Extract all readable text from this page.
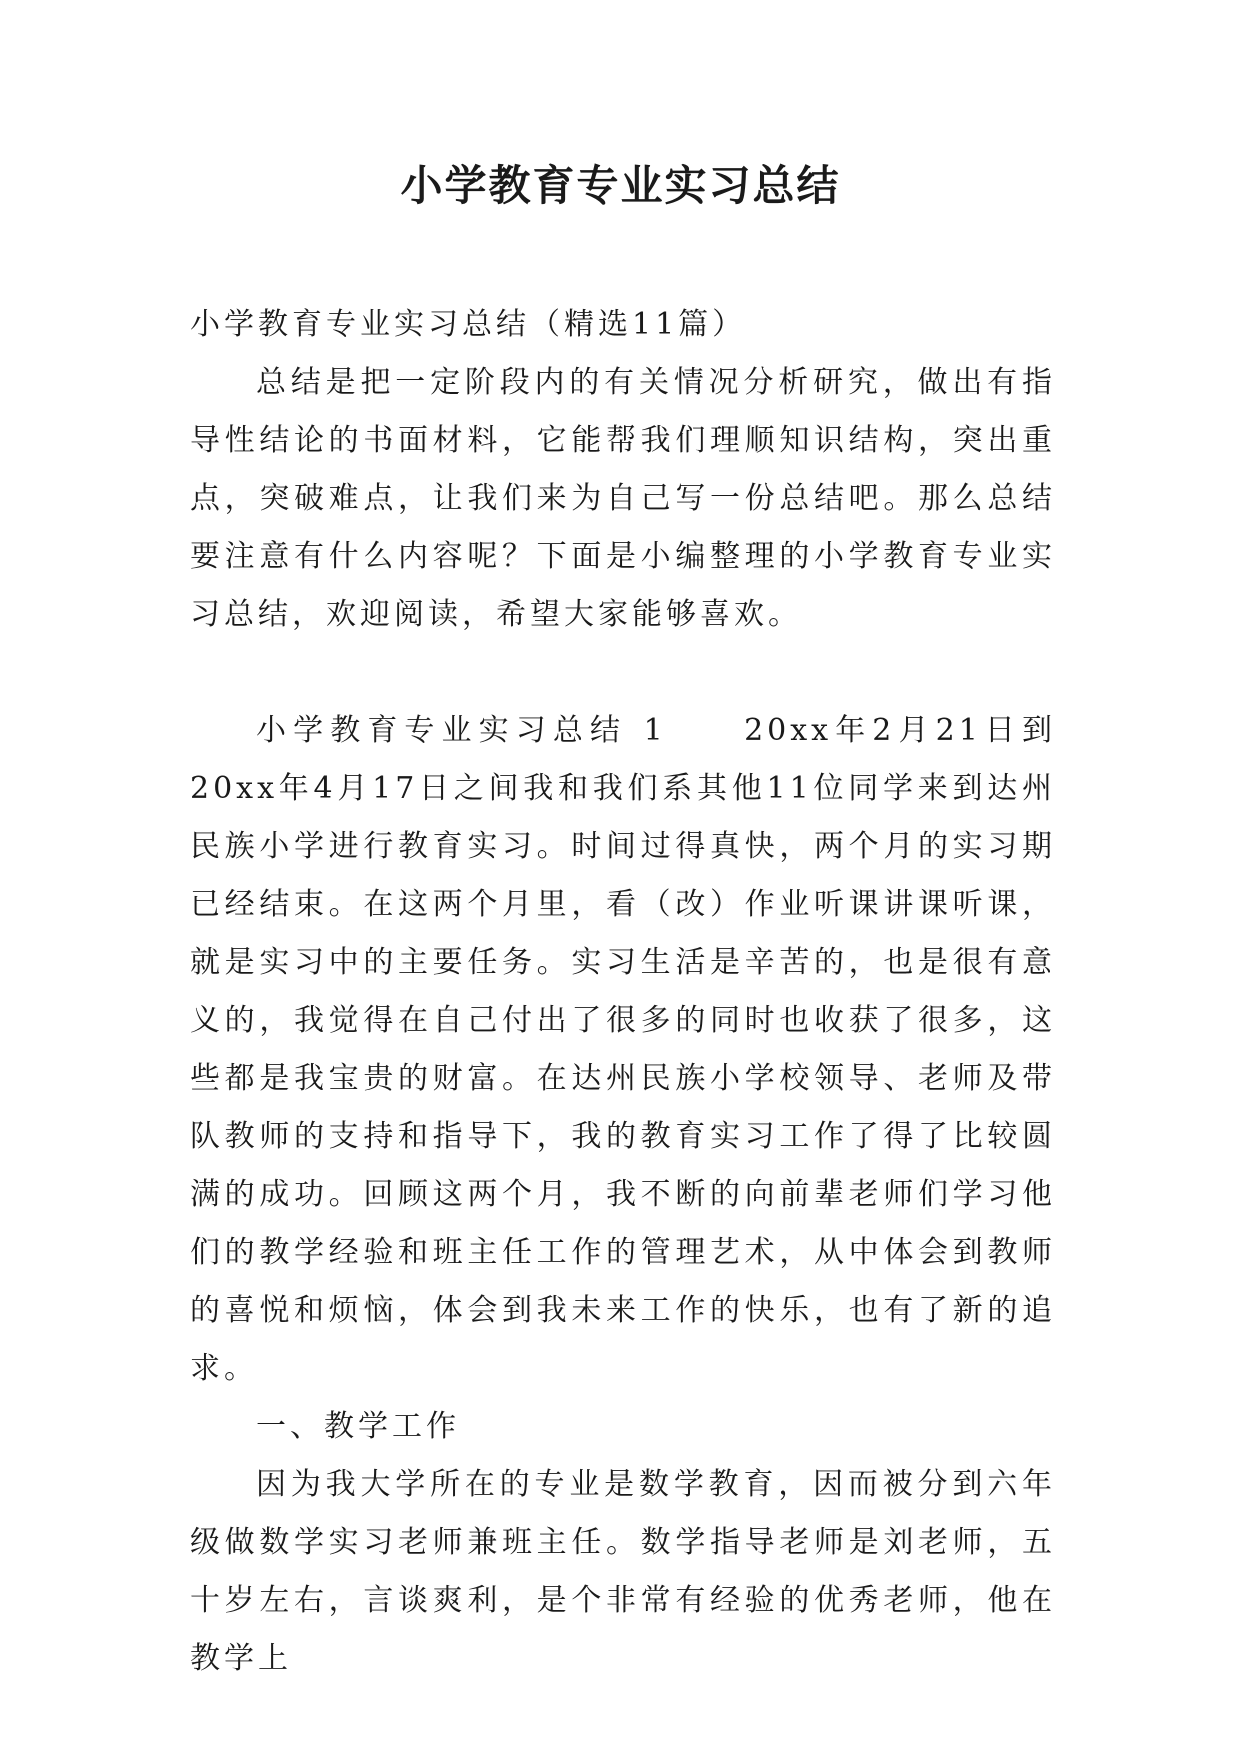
小学教育专业实习总结

小学教育专业实习总结（精选11篇）

总结是把一定阶段内的有关情况分析研究，做出有指导性结论的书面材料，它能帮我们理顺知识结构，突出重点，突破难点，让我们来为自己写一份总结吧。那么总结要注意有什么内容呢？下面是小编整理的小学教育专业实习总结，欢迎阅读，希望大家能够喜欢。

小学教育专业实习总结 1　　20xx年2月21日到20xx年4月17日之间我和我们系其他11位同学来到达州民族小学进行教育实习。时间过得真快，两个月的实习期已经结束。在这两个月里，看（改）作业听课讲课听课，就是实习中的主要任务。实习生活是辛苦的，也是很有意义的，我觉得在自己付出了很多的同时也收获了很多，这些都是我宝贵的财富。在达州民族小学校领导、老师及带队教师的支持和指导下，我的教育实习工作了得了比较圆满的成功。回顾这两个月，我不断的向前辈老师们学习他们的教学经验和班主任工作的管理艺术，从中体会到教师的喜悦和烦恼，体会到我未来工作的快乐，也有了新的追求。

一、教学工作

因为我大学所在的专业是数学教育，因而被分到六年级做数学实习老师兼班主任。数学指导老师是刘老师，五十岁左右，言谈爽利，是个非常有经验的优秀老师，他在教学上
